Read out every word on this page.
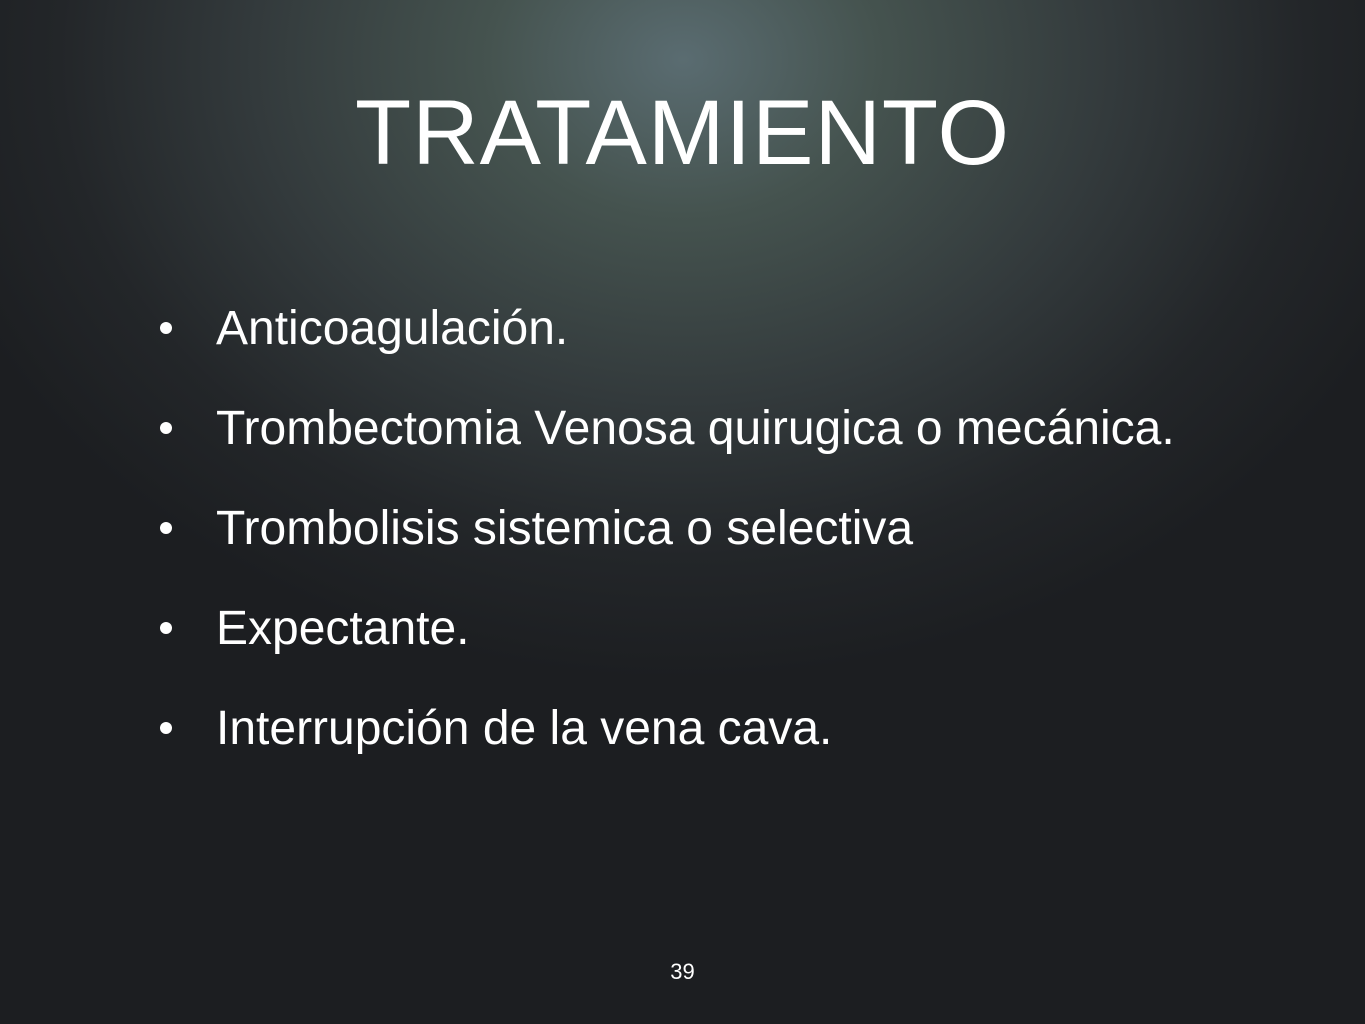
TRATAMIENTO
Anticoagulación.
Trombectomia Venosa quirugica o mecánica.
Trombolisis sistemica o selectiva
Expectante.
Interrupción de la vena cava.
39
